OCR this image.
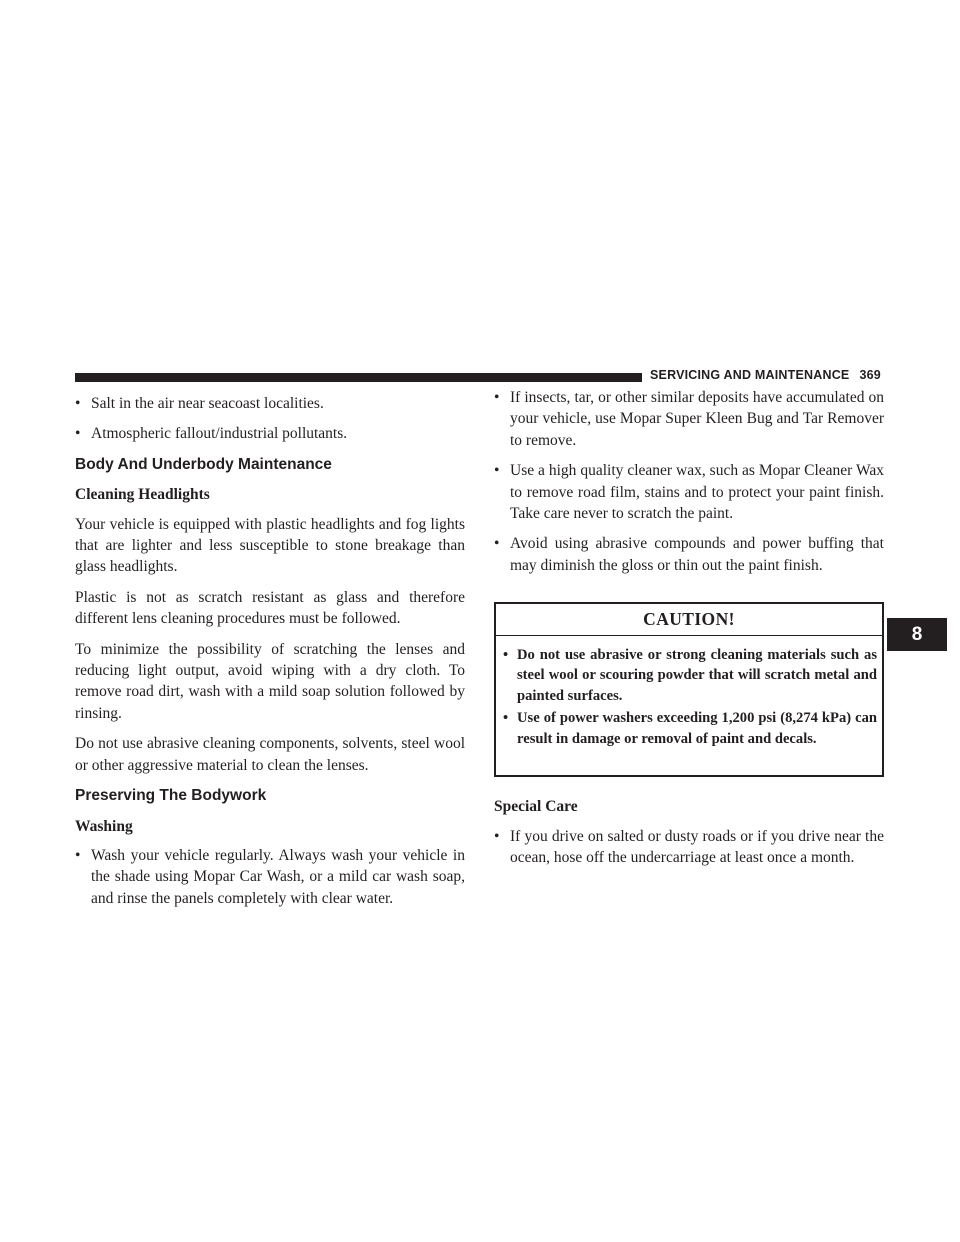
SERVICING AND MAINTENANCE 369
8
• Salt in the air near seacoast localities.
• Atmospheric fallout/industrial pollutants.
Body And Underbody Maintenance
Cleaning Headlights

Your vehicle is equipped with plastic headlights and fog lights that are lighter and less susceptible to stone breakage than glass headlights.

Plastic is not as scratch resistant as glass and therefore different lens cleaning procedures must be followed.

To minimize the possibility of scratching the lenses and reducing light output, avoid wiping with a dry cloth. To remove road dirt, wash with a mild soap solution followed by rinsing.

Do not use abrasive cleaning components, solvents, steel wool or other aggressive material to clean the lenses.

Preserving The Bodywork
Washing
• Wash your vehicle regularly. Always wash your vehicle in the shade using Mopar Car Wash, or a mild car wash soap, and rinse the panels completely with clear water.
• If insects, tar, or other similar deposits have accumulated on your vehicle, use Mopar Super Kleen Bug and Tar Remover to remove.
• Use a high quality cleaner wax, such as Mopar Cleaner Wax to remove road film, stains and to protect your paint finish. Take care never to scratch the paint.
• Avoid using abrasive compounds and power buffing that may diminish the gloss or thin out the paint finish.
CAUTION!
• Do not use abrasive or strong cleaning materials such as steel wool or scouring powder that will scratch metal and painted surfaces.
• Use of power washers exceeding 1,200 psi (8,274 kPa) can result in damage or removal of paint and decals.
Special Care
• If you drive on salted or dusty roads or if you drive near the ocean, hose off the undercarriage at least once a month.
